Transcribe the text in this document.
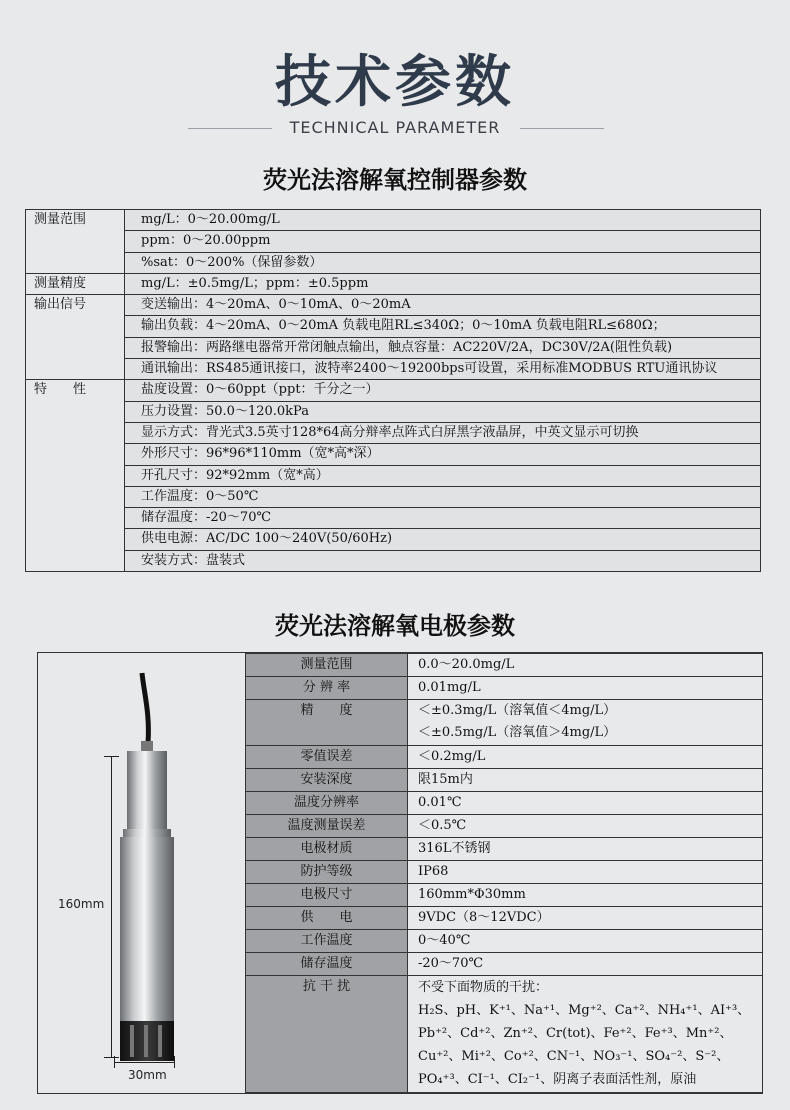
技术参数
TECHNICAL PARAMETER
荧光法溶解氧控制器参数
测量范围	mg/L：0～20.00mg/L
	ppm：0～20.00ppm
	%sat：0～200%（保留参数）
测量精度	mg/L：±0.5mg/L；ppm：±0.5ppm
输出信号	变送输出：4～20mA、0～10mA、0～20mA
	输出负载：4～20mA、0～20mA 负载电阻RL≤340Ω；0～10mA 负载电阻RL≤680Ω；
	报警输出：两路继电器常开常闭触点输出，触点容量：AC220V/2A，DC30V/2A(阻性负载)
	通讯输出：RS485通讯接口，波特率2400～19200bps可设置，采用标准MODBUS RTU通讯协议
特　　性	盐度设置：0～60ppt（ppt：千分之一）
	压力设置：50.0～120.0kPa
	显示方式：背光式3.5英寸128*64高分辩率点阵式白屏黑字液晶屏，中英文显示可切换
	外形尺寸：96*96*110mm（宽*高*深）
	开孔尺寸：92*92mm（宽*高）
	工作温度：0～50℃
	储存温度：-20～70℃
	供电电源：AC/DC 100～240V(50/60Hz)
	安装方式：盘装式
荧光法溶解氧电极参数
160mm
30mm
测量范围	0.0～20.0mg/L
分 辨 率	0.01mg/L
精　　度	＜±0.3mg/L（溶氧值＜4mg/L）
＜±0.5mg/L（溶氧值＞4mg/L）

零值误差	＜0.2mg/L
安装深度	限15m内
温度分辨率	0.01℃
温度测量误差	＜0.5℃
电极材质	316L不锈钢
防护等级	IP68
电极尺寸	160mm*Φ30mm
供　　电	9VDC（8～12VDC）
工作温度	0～40℃
储存温度	-20～70℃
抗 干 扰	不受下面物质的干扰：
H₂S、pH、K⁺¹、Na⁺¹、Mg⁺²、Ca⁺²、NH₄⁺¹、AI⁺³、
Pb⁺²、Cd⁺²、Zn⁺²、Cr(tot)、Fe⁺²、Fe⁺³、Mn⁺²、
Cu⁺²、Mi⁺²、Co⁺²、CN⁻¹、NO₃⁻¹、SO₄⁻²、S⁻²、
PO₄⁺³、CI⁻¹、CI₂⁻¹、阴离子表面活性剂，原油
